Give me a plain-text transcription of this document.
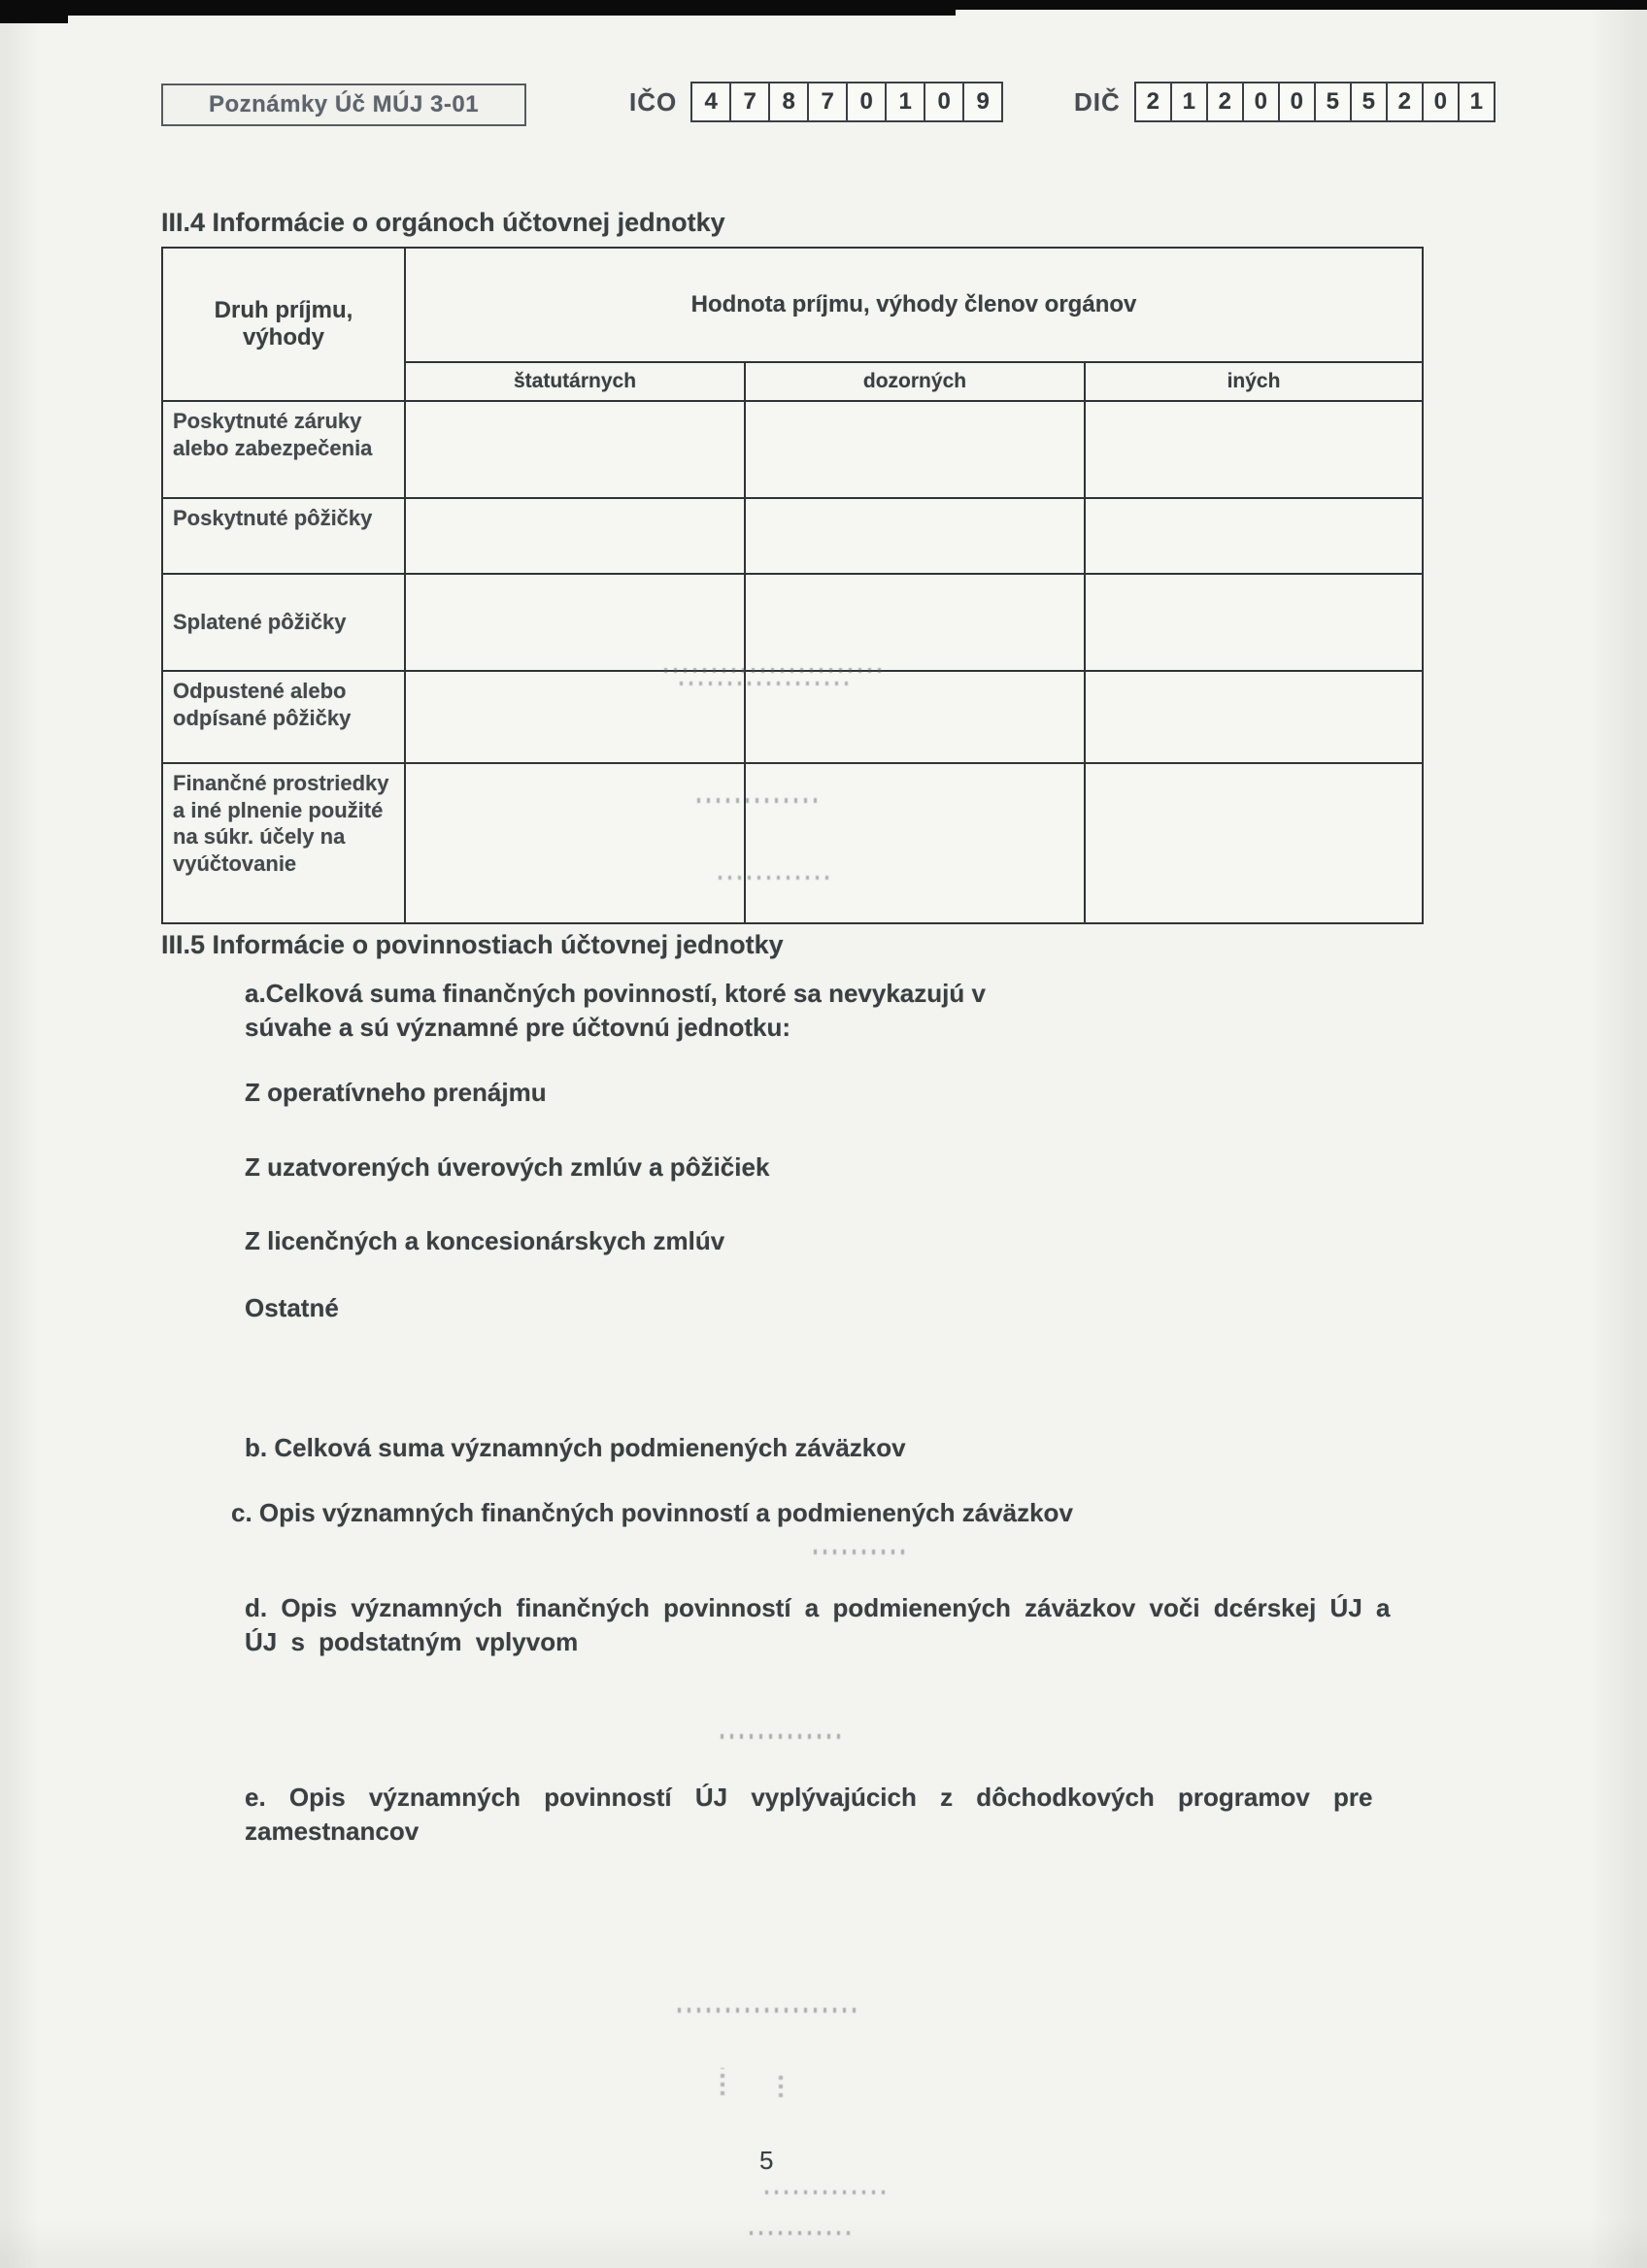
Poznámky Úč MÚJ 3-01	IČO	4	7	8	7	0	1	0	9	DIČ	2 1 2 0 0 5 5 2 0 1
III.4 Informácie o orgánoch účtovnej jednotky
Druh príjmu, výhody	Hodnota príjmu, výhody členov orgánov		
	štatutárnych	dozorných	iných
Poskytnuté záruky alebo zabezpečenia			
Poskytnuté pôžičky			
Splatené pôžičky			
Odpustené alebo odpísané pôžičky			
Finančné prostriedky a iné plnenie použité na súkr. účely na vyúčtovanie			
III.5 Informácie o povinnostiach účtovnej jednotky

a.Celková suma finančných povinností, ktoré sa nevykazujú v súvahe a sú významné pre účtovnú jednotku:

Z operatívneho prenájmu

Z uzatvorených úverových zmlúv a pôžičiek

Z licenčných a koncesionárskych zmlúv

Ostatné

b. Celková suma významných podmienených záväzkov

c. Opis významných finančných povinností a podmienených záväzkov

d. Opis významných finančných povinností a podmienených záväzkov voči dcérskej ÚJ a ÚJ s podstatným vplyvom

e. Opis významných povinností ÚJ vyplývajúcich z dôchodkových programov pre zamestnancov

5
